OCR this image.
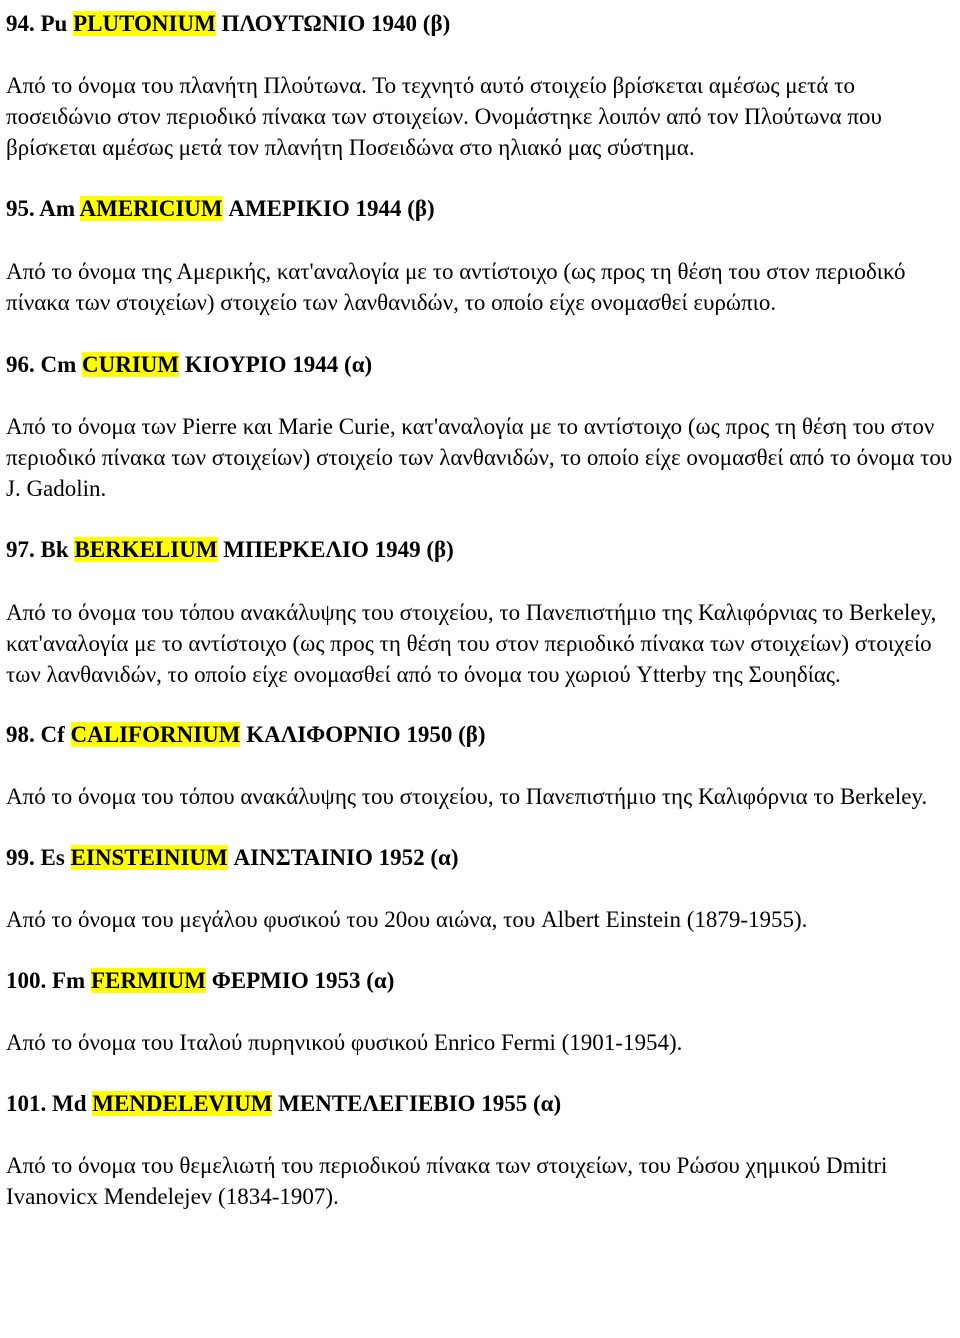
94. Pu PLUTONIUM ΠΛΟΥΤΩΝΙΟ 1940 (β)

Από το όνομα του πλανήτη Πλούτωνα. Το τεχνητό αυτό στοιχείο βρίσκεται αμέσως μετά το ποσειδώνιο στον περιοδικό πίνακα των στοιχείων. Ονομάστηκε λοιπόν από τον Πλούτωνα που βρίσκεται αμέσως μετά τον πλανήτη Ποσειδώνα στο ηλιακό μας σύστημα.

95. Am AMERICIUM ΑΜΕΡΙΚΙΟ 1944 (β)

Από το όνομα της Αμερικής, κατ'αναλογία με το αντίστοιχο (ως προς τη θέση του στον περιοδικό πίνακα των στοιχείων) στοιχείο των λανθανιδών, το οποίο είχε ονομασθεί ευρώπιο.

96. Cm CURIUM ΚΙΟΥΡΙΟ 1944 (α)

Από το όνομα των Pierre και Marie Curie, κατ'αναλογία με το αντίστοιχο (ως προς τη θέση του στον περιοδικό πίνακα των στοιχείων) στοιχείο των λανθανιδών, το οποίο είχε ονομασθεί από το όνομα του J. Gadolin.

97. Bk BERKELIUM ΜΠΕΡΚΕΛΙΟ 1949 (β)

Από το όνομα του τόπου ανακάλυψης του στοιχείου, το Πανεπιστήμιο της Καλιφόρνιας το Berkeley, κατ'αναλογία με το αντίστοιχο (ως προς τη θέση του στον περιοδικό πίνακα των στοιχείων) στοιχείο των λανθανιδών, το οποίο είχε ονομασθεί από το όνομα του χωριού Ytterby της Σουηδίας.

98. Cf CALIFORNIUM ΚΑΛΙΦΟΡΝΙΟ 1950 (β)

Από το όνομα του τόπου ανακάλυψης του στοιχείου, το Πανεπιστήμιο της Καλιφόρνια το Berkeley.

99. Es EINSTEINIUM ΑΙΝΣΤΑΙΝΙΟ 1952 (α)

Από το όνομα του μεγάλου φυσικού του 20ου αιώνα, του Albert Einstein (1879-1955).

100. Fm FERMIUM ΦΕΡΜΙΟ 1953 (α)

Από το όνομα του Ιταλού πυρηνικού φυσικού Enrico Fermi (1901-1954).

101. Md MENDELEVIUM ΜΕΝΤΕΛΕΓΙΕΒΙΟ 1955 (α)

Από το όνομα του θεμελιωτή του περιοδικού πίνακα των στοιχείων, του Ρώσου χημικού Dmitri Ivanovicx Mendelejev (1834-1907).
